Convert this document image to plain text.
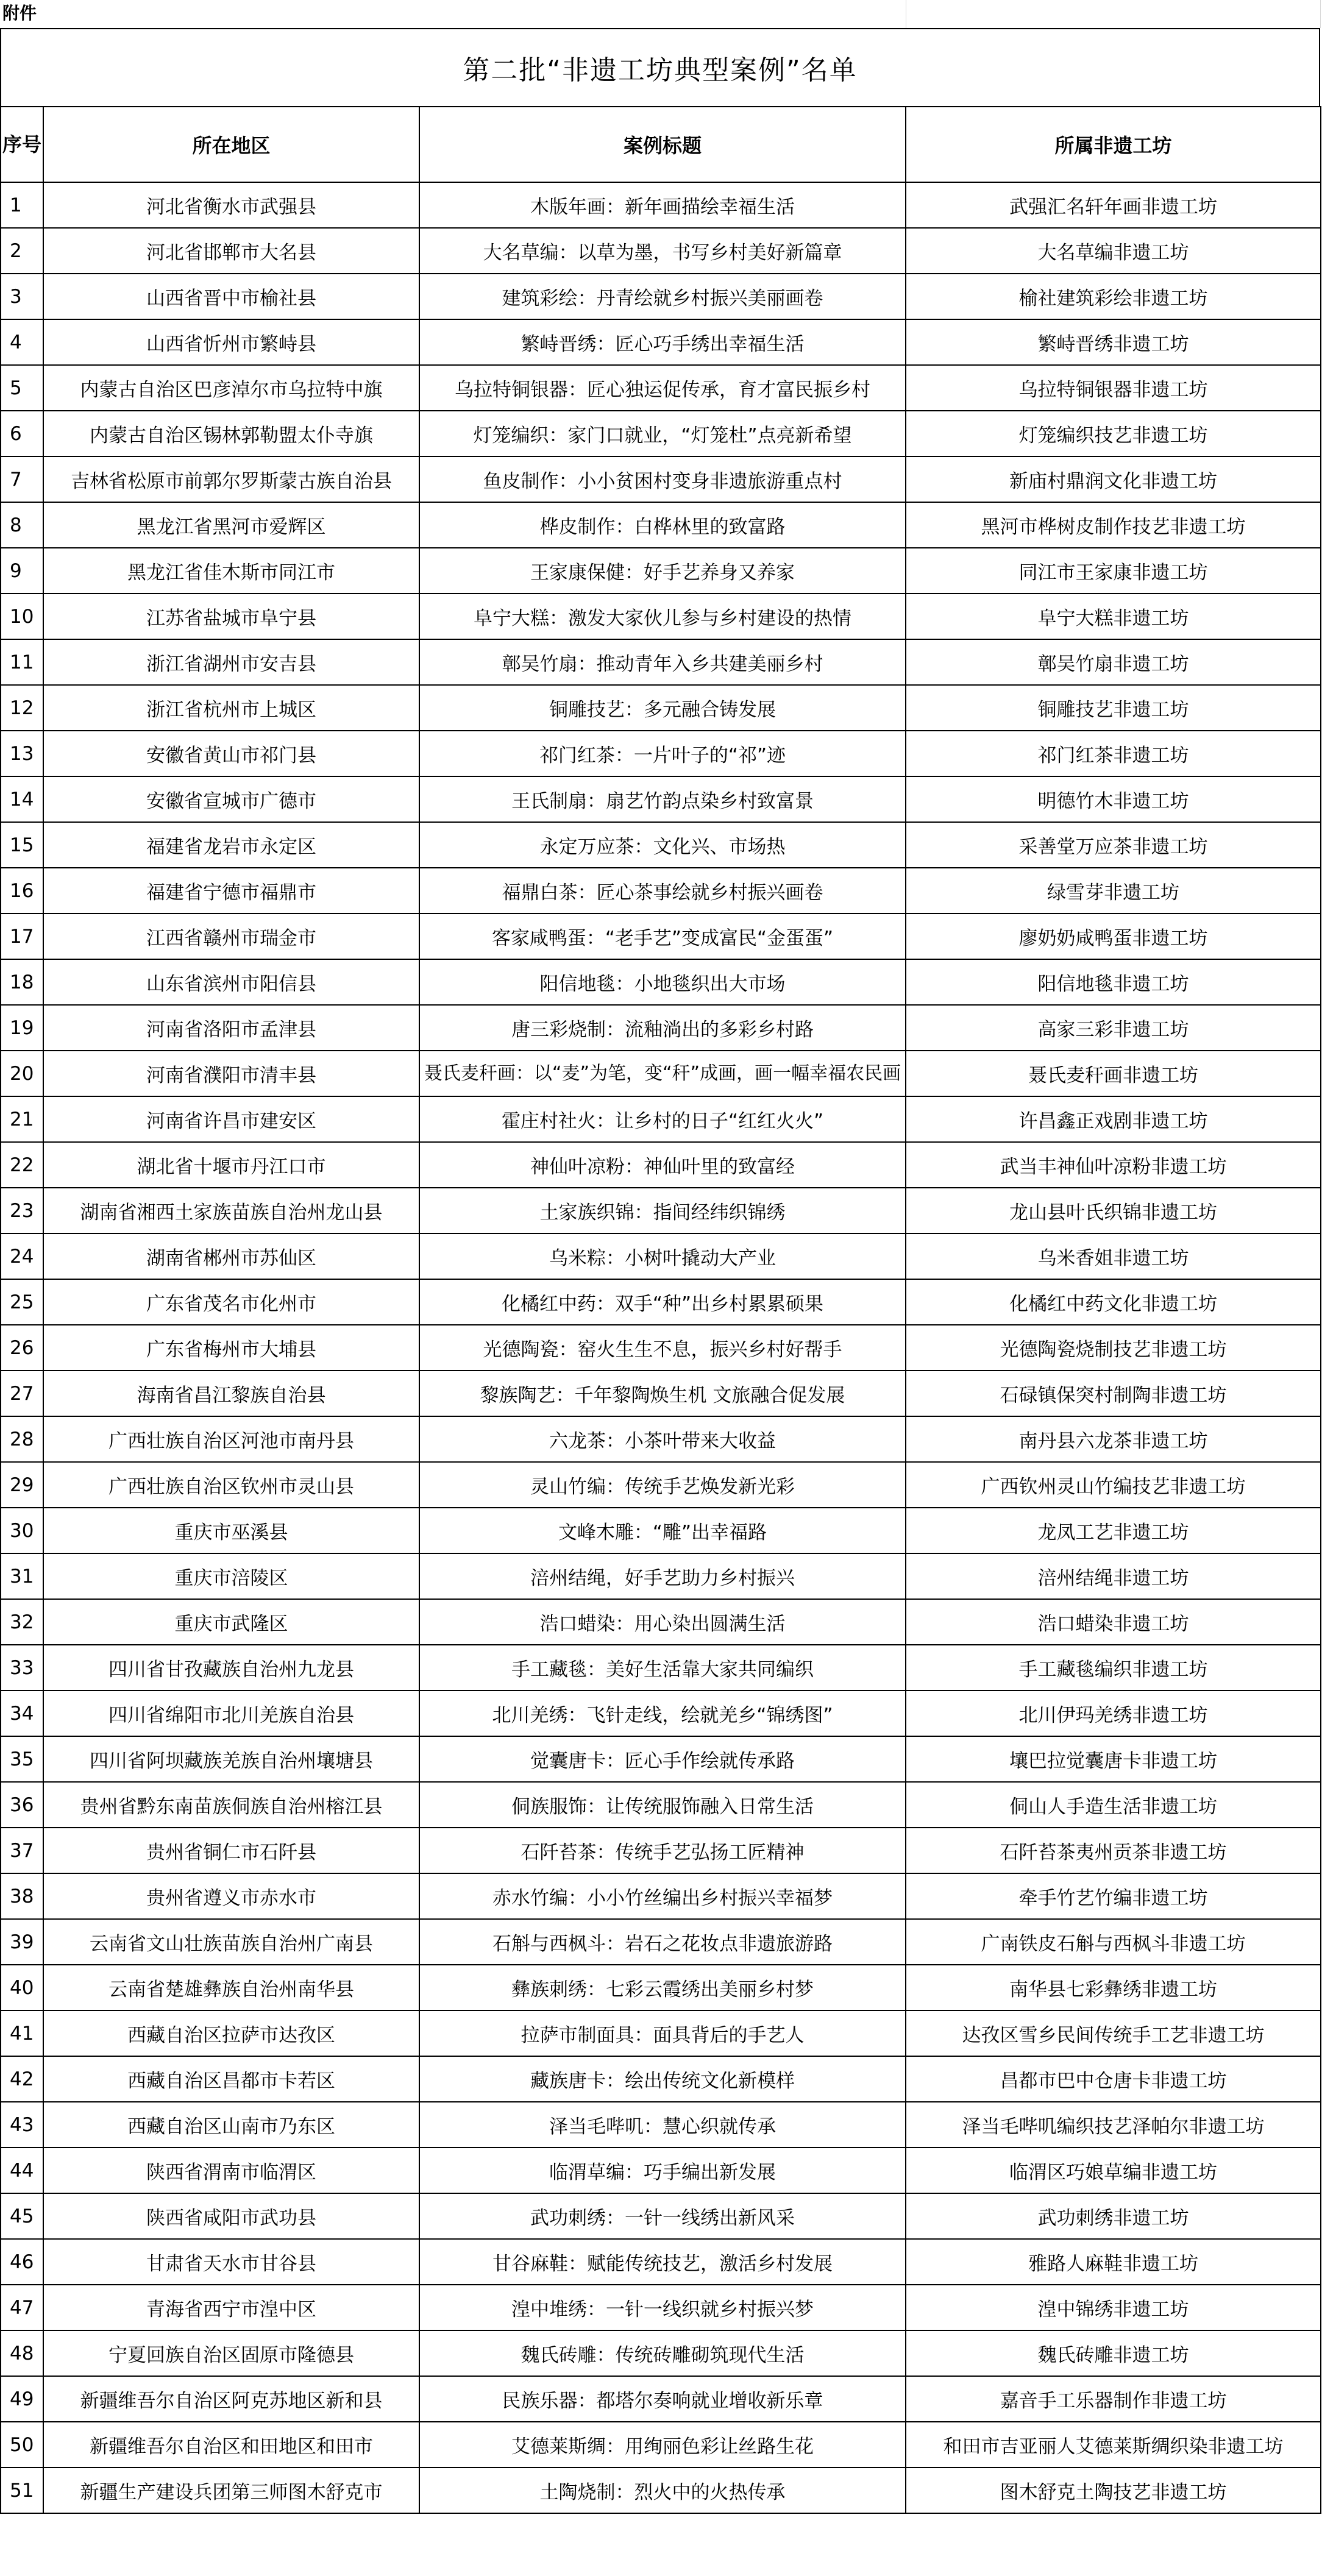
附件
第二批“非遗工坊典型案例”名单
序号	所在地区	案例标题	所属非遗工坊
1	河北省衡水市武强县	木版年画：新年画描绘幸福生活	武强汇名轩年画非遗工坊
2	河北省邯郸市大名县	大名草编：以草为墨，书写乡村美好新篇章	大名草编非遗工坊
3	山西省晋中市榆社县	建筑彩绘：丹青绘就乡村振兴美丽画卷	榆社建筑彩绘非遗工坊
4	山西省忻州市繁峙县	繁峙晋绣：匠心巧手绣出幸福生活	繁峙晋绣非遗工坊
5	内蒙古自治区巴彦淖尔市乌拉特中旗	乌拉特铜银器：匠心独运促传承，育才富民振乡村	乌拉特铜银器非遗工坊
6	内蒙古自治区锡林郭勒盟太仆寺旗	灯笼编织：家门口就业，“灯笼杜”点亮新希望	灯笼编织技艺非遗工坊
7	吉林省松原市前郭尔罗斯蒙古族自治县	鱼皮制作：小小贫困村变身非遗旅游重点村	新庙村鼎润文化非遗工坊
8	黑龙江省黑河市爱辉区	桦皮制作：白桦林里的致富路	黑河市桦树皮制作技艺非遗工坊
9	黑龙江省佳木斯市同江市	王家康保健：好手艺养身又养家	同江市王家康非遗工坊
10	江苏省盐城市阜宁县	阜宁大糕：激发大家伙儿参与乡村建设的热情	阜宁大糕非遗工坊
11	浙江省湖州市安吉县	鄣吴竹扇：推动青年入乡共建美丽乡村	鄣吴竹扇非遗工坊
12	浙江省杭州市上城区	铜雕技艺：多元融合铸发展	铜雕技艺非遗工坊
13	安徽省黄山市祁门县	祁门红茶：一片叶子的“祁”迹	祁门红茶非遗工坊
14	安徽省宣城市广德市	王氏制扇：扇艺竹韵点染乡村致富景	明德竹木非遗工坊
15	福建省龙岩市永定区	永定万应茶：文化兴、市场热	采善堂万应茶非遗工坊
16	福建省宁德市福鼎市	福鼎白茶：匠心茶事绘就乡村振兴画卷	绿雪芽非遗工坊
17	江西省赣州市瑞金市	客家咸鸭蛋：“老手艺”变成富民“金蛋蛋”	廖奶奶咸鸭蛋非遗工坊
18	山东省滨州市阳信县	阳信地毯：小地毯织出大市场	阳信地毯非遗工坊
19	河南省洛阳市孟津县	唐三彩烧制：流釉淌出的多彩乡村路	高家三彩非遗工坊
20	河南省濮阳市清丰县	聂氏麦秆画：以“麦”为笔，变“秆”成画，画一幅幸福农民画	聂氏麦秆画非遗工坊
21	河南省许昌市建安区	霍庄村社火：让乡村的日子“红红火火”	许昌鑫正戏剧非遗工坊
22	湖北省十堰市丹江口市	神仙叶凉粉：神仙叶里的致富经	武当丰神仙叶凉粉非遗工坊
23	湖南省湘西土家族苗族自治州龙山县	土家族织锦：指间经纬织锦绣	龙山县叶氏织锦非遗工坊
24	湖南省郴州市苏仙区	乌米粽：小树叶撬动大产业	乌米香姐非遗工坊
25	广东省茂名市化州市	化橘红中药：双手“种”出乡村累累硕果	化橘红中药文化非遗工坊
26	广东省梅州市大埔县	光德陶瓷：窑火生生不息，振兴乡村好帮手	光德陶瓷烧制技艺非遗工坊
27	海南省昌江黎族自治县	黎族陶艺：千年黎陶焕生机 文旅融合促发展	石碌镇保突村制陶非遗工坊
28	广西壮族自治区河池市南丹县	六龙茶：小茶叶带来大收益	南丹县六龙茶非遗工坊
29	广西壮族自治区钦州市灵山县	灵山竹编：传统手艺焕发新光彩	广西钦州灵山竹编技艺非遗工坊
30	重庆市巫溪县	文峰木雕：“雕”出幸福路	龙凤工艺非遗工坊
31	重庆市涪陵区	涪州结绳，好手艺助力乡村振兴	涪州结绳非遗工坊
32	重庆市武隆区	浩口蜡染：用心染出圆满生活	浩口蜡染非遗工坊
33	四川省甘孜藏族自治州九龙县	手工藏毯：美好生活靠大家共同编织	手工藏毯编织非遗工坊
34	四川省绵阳市北川羌族自治县	北川羌绣：飞针走线，绘就羌乡“锦绣图”	北川伊玛羌绣非遗工坊
35	四川省阿坝藏族羌族自治州壤塘县	觉囊唐卡：匠心手作绘就传承路	壤巴拉觉囊唐卡非遗工坊
36	贵州省黔东南苗族侗族自治州榕江县	侗族服饰：让传统服饰融入日常生活	侗山人手造生活非遗工坊
37	贵州省铜仁市石阡县	石阡苔茶：传统手艺弘扬工匠精神	石阡苔茶夷州贡茶非遗工坊
38	贵州省遵义市赤水市	赤水竹编：小小竹丝编出乡村振兴幸福梦	牵手竹艺竹编非遗工坊
39	云南省文山壮族苗族自治州广南县	石斛与西枫斗：岩石之花妆点非遗旅游路	广南铁皮石斛与西枫斗非遗工坊
40	云南省楚雄彝族自治州南华县	彝族刺绣：七彩云霞绣出美丽乡村梦	南华县七彩彝绣非遗工坊
41	西藏自治区拉萨市达孜区	拉萨市制面具：面具背后的手艺人	达孜区雪乡民间传统手工艺非遗工坊
42	西藏自治区昌都市卡若区	藏族唐卡：绘出传统文化新模样	昌都市巴中仓唐卡非遗工坊
43	西藏自治区山南市乃东区	泽当毛哔叽：慧心织就传承	泽当毛哔叽编织技艺泽帕尔非遗工坊
44	陕西省渭南市临渭区	临渭草编：巧手编出新发展	临渭区巧娘草编非遗工坊
45	陕西省咸阳市武功县	武功刺绣：一针一线绣出新风采	武功刺绣非遗工坊
46	甘肃省天水市甘谷县	甘谷麻鞋：赋能传统技艺，激活乡村发展	雅路人麻鞋非遗工坊
47	青海省西宁市湟中区	湟中堆绣：一针一线织就乡村振兴梦	湟中锦绣非遗工坊
48	宁夏回族自治区固原市隆德县	魏氏砖雕：传统砖雕砌筑现代生活	魏氏砖雕非遗工坊
49	新疆维吾尔自治区阿克苏地区新和县	民族乐器：都塔尔奏响就业增收新乐章	嘉音手工乐器制作非遗工坊
50	新疆维吾尔自治区和田地区和田市	艾德莱斯绸：用绚丽色彩让丝路生花	和田市吉亚丽人艾德莱斯绸织染非遗工坊
51	新疆生产建设兵团第三师图木舒克市	土陶烧制：烈火中的火热传承	图木舒克土陶技艺非遗工坊
